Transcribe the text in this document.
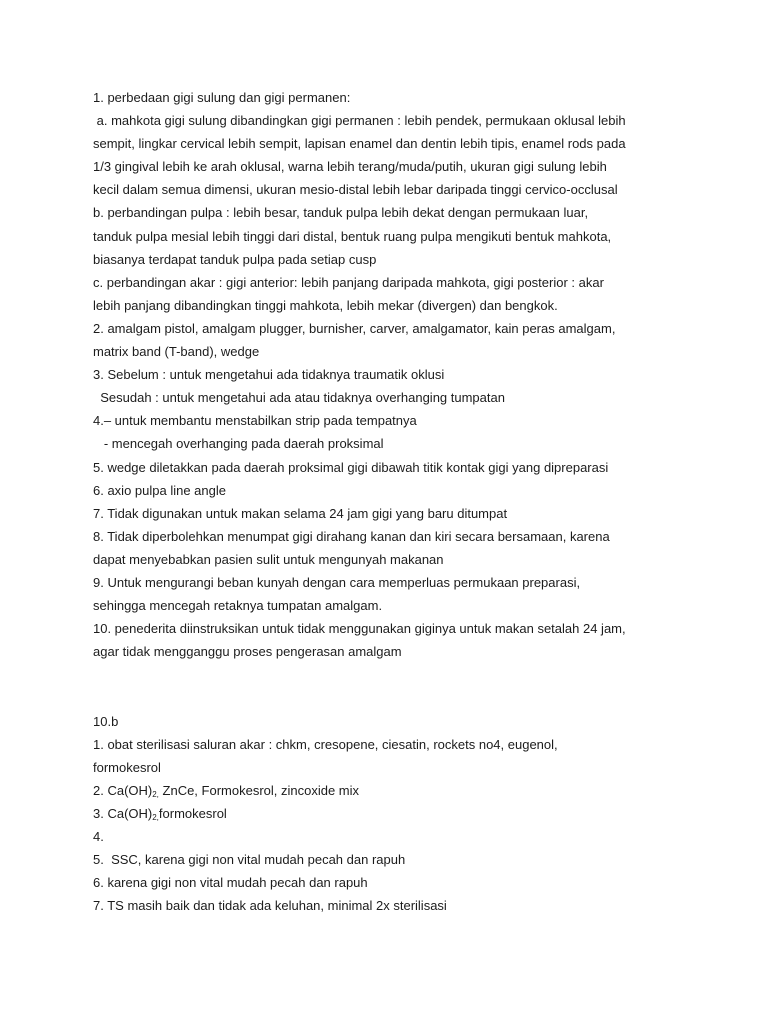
1. perbedaan gigi sulung dan gigi permanen:
a. mahkota gigi sulung dibandingkan gigi permanen : lebih pendek, permukaan oklusal lebih
sempit, lingkar cervical lebih sempit, lapisan enamel dan dentin lebih tipis, enamel rods pada
1/3 gingival lebih ke arah oklusal, warna lebih terang/muda/putih, ukuran gigi sulung lebih
kecil dalam semua dimensi, ukuran mesio-distal lebih lebar daripada tinggi cervico-occlusal
b. perbandingan pulpa : lebih besar, tanduk pulpa lebih dekat dengan permukaan luar,
tanduk pulpa mesial lebih tinggi dari distal, bentuk ruang pulpa mengikuti bentuk mahkota,
biasanya terdapat tanduk pulpa pada setiap cusp
c. perbandingan akar : gigi anterior: lebih panjang daripada mahkota, gigi posterior : akar
lebih panjang dibandingkan tinggi mahkota, lebih mekar (divergen) dan bengkok.
2. amalgam pistol, amalgam plugger, burnisher, carver, amalgamator, kain peras amalgam,
matrix band (T-band), wedge
3. Sebelum : untuk mengetahui ada tidaknya traumatik oklusi
Sesudah : untuk mengetahui ada atau tidaknya overhanging tumpatan
4.– untuk membantu menstabilkan strip pada tempatnya
- mencegah overhanging pada daerah proksimal
5. wedge diletakkan pada daerah proksimal gigi dibawah titik kontak gigi yang dipreparasi
6. axio pulpa line angle
7. Tidak digunakan untuk makan selama 24 jam gigi yang baru ditumpat
8. Tidak diperbolehkan menumpat gigi dirahang kanan dan kiri secara bersamaan, karena
dapat menyebabkan pasien sulit untuk mengunyah makanan
9. Untuk mengurangi beban kunyah dengan cara memperluas permukaan preparasi,
sehingga mencegah retaknya tumpatan amalgam.
10. penederita diinstruksikan untuk tidak menggunakan giginya untuk makan setalah 24 jam,
agar tidak mengganggu proses pengerasan amalgam
10.b
1. obat sterilisasi saluran akar : chkm, cresopene, ciesatin, rockets no4, eugenol,
formokesrol
2. $Ca(OH)_{2,}$ ZnCe, Formokesrol, zincoxide mix
3. $Ca(OH)_{2,}formokesrol$
4.
5.  SSC, karena gigi non vital mudah pecah dan rapuh
6. karena gigi non vital mudah pecah dan rapuh
7. TS masih baik dan tidak ada keluhan, minimal 2x sterilisasi
